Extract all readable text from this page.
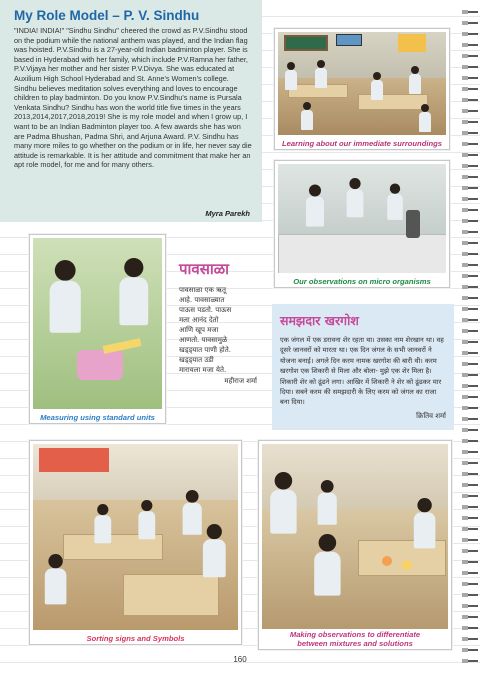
My Role Model – P. V. Sindhu
"INDIA! INDIA!" "Sindhu Sindhu" cheered the crowd as P.V.Sindhu stood on the podium while the national anthem was played, and the Indian flag was hoisted. P.V.Sindhu is a 27-year-old Indian badminton player. She is based in Hyderabad with her family, which include P.V.Ramna her father, P.V.Vijaya her mother and her sister P.V.Divya. She was educated at Auxilium High School Hyderabad and St. Anne's Women's college. Sindhu believes meditation solves everything and loves to encourage children to play badminton. Do you know P.V.Sindhu's name is Pursala Venkata Sindhu? Sindhu has won the world title five times in the years 2013,2014,2017,2018,2019! She is my role model and when I grow up, I want to be an Indian Badminton player too. A few awards she has won are Padma Bhushan, Padma Shri, and Arjuna Award. P.V. Sindhu has many more miles to go whether on the podium or in life, her never say die attitude is remarkable. It is her attitude and commitment that make her an apt role model, for me and for many others.
Myra Parekh
Learning about our immediate surroundings
Our observations on micro organisms
Measuring using standard units
पावसाळा
पावसाळा एक ऋतू
आहे. पावसाळ्यात
पाऊस पडतो. पाऊस
मला आनंद देतो
आणि खूप मजा
आणतो. पावसामुळे
खड्ड्यात पाणी होते.
खड्ड्यात उडी
मारायला मजा येते.
महीराज शर्मा
समझदार खरगोश
एक जंगल में एक डरावना शेर रहता था। उसका नाम शेरखान था। वह दूसरे जानवरों को मारता था। एक दिन जंगल के सभी जानवरों ने योजना बनाई। अगले दिन करम नामक खरगोश की बारी थी। करम खरगोश एक शिकारी से मिला और बोला- मुझे एक शेर मिला है। शिकारी शेर को ढूंढने लगा। आखिर में शिकारी ने शेर को ढूंढकर मार दिया। सबने करम की समझदारी के लिए करम को जंगल का राजा बना दिया।
क्रितिव शर्मा
Sorting signs and Symbols	Making observations to differentiate
between mixtures and solutions
160
